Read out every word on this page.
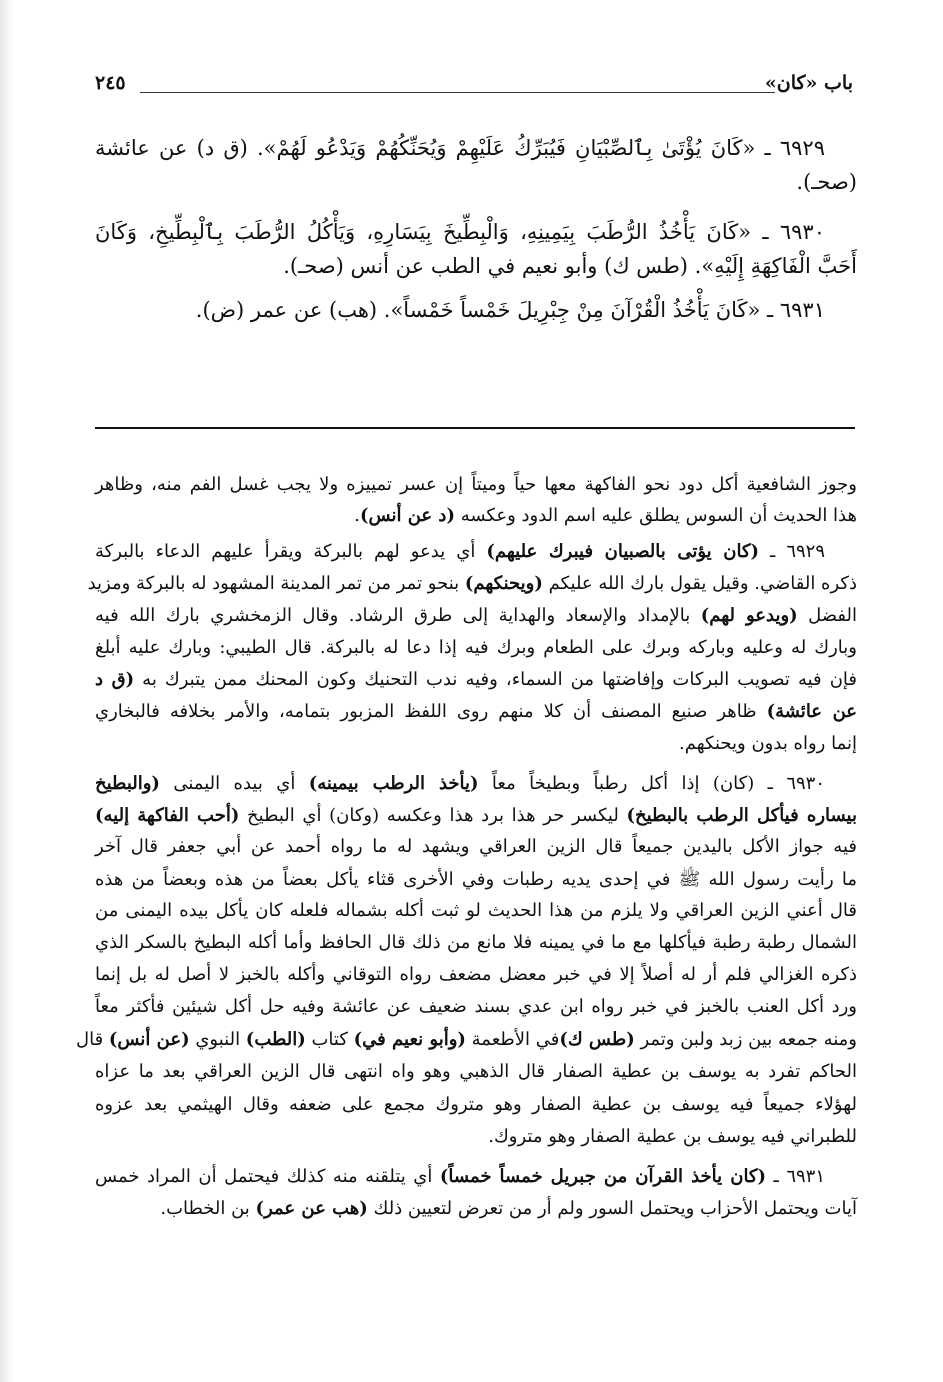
باب «كان»
٢٤٥
٦٩٢٩ ـ «كَانَ يُؤْتَىٰ بِٱلصِّبْيَانِ فَيُبَرِّكُ عَلَيْهِمْ وَيُحَنِّكُهُمْ وَيَدْعُو لَهُمْ». (ق د) عن عائشة
(صحـ).
٦٩٣٠ ـ «كَانَ يَأْخُذُ الرُّطَبَ بِيَمِينِهِ، وَالْبِطِّيخَ بِيَسَارِهِ، وَيَأْكُلُ الرُّطَبَ بِٱلْبِطِّيخِ، وَكَانَ
أَحَبَّ الْفَاكِهَةِ إِلَيْهِ». (طس ك) وأبو نعيم في الطب عن أنس (صحـ).
٦٩٣١ ـ «كَانَ يَأْخُذُ الْقُرْآنَ مِنْ جِبْرِيلَ خَمْساً خَمْساً». (هب) عن عمر (ض).
وجوز الشافعية أكل دود نحو الفاكهة معها حياً وميتاً إن عسر تمييزه ولا يجب غسل الفم منه، وظاهر
هذا الحديث أن السوس يطلق عليه اسم الدود وعكسه (د عن أنس).
٦٩٢٩ ـ (كان يؤتى بالصبيان فيبرك عليهم) أي يدعو لهم بالبركة ويقرأ عليهم الدعاء بالبركة
ذكره القاضي. وقيل يقول بارك الله عليكم (ويحنكهم) بنحو تمر من تمر المدينة المشهود له بالبركة ومزيد
الفضل (ويدعو لهم) بالإمداد والإسعاد والهداية إلى طرق الرشاد. وقال الزمخشري بارك الله فيه
وبارك له وعليه وباركه وبرك على الطعام وبرك فيه إذا دعا له بالبركة. قال الطيبي: وبارك عليه أبلغ
فإن فيه تصويب البركات وإفاضتها من السماء، وفيه ندب التحنيك وكون المحنك ممن يتبرك به (ق د
عن عائشة) ظاهر صنيع المصنف أن كلا منهم روى اللفظ المزبور بتمامه، والأمر بخلافه فالبخاري
إنما رواه بدون ويحنكهم.
٦٩٣٠ ـ (كان) إذا أكل رطباً وبطيخاً معاً (يأخذ الرطب بيمينه) أي بيده اليمنى (والبطيخ
بيساره فيأكل الرطب بالبطيخ) ليكسر حر هذا برد هذا وعكسه (وكان) أي البطيخ (أحب الفاكهة إليه)
فيه جواز الأكل باليدين جميعاً قال الزين العراقي ويشهد له ما رواه أحمد عن أبي جعفر قال آخر
ما رأيت رسول الله ﷺ في إحدى يديه رطبات وفي الأخرى قثاء يأكل بعضاً من هذه وبعضاً من هذه
قال أعني الزين العراقي ولا يلزم من هذا الحديث لو ثبت أكله بشماله فلعله كان يأكل بيده اليمنى من
الشمال رطبة رطبة فيأكلها مع ما في يمينه فلا مانع من ذلك قال الحافظ وأما أكله البطيخ بالسكر الذي
ذكره الغزالي فلم أر له أصلاً إلا في خبر معضل مضعف رواه التوقاني وأكله بالخبز لا أصل له بل إنما
ورد أكل العنب بالخبز في خبر رواه ابن عدي بسند ضعيف عن عائشة وفيه حل أكل شيئين فأكثر معاً
ومنه جمعه بين زبد ولبن وتمر (طس ك)في الأطعمة (وأبو نعيم في) كتاب (الطب) النبوي (عن أنس) قال
الحاكم تفرد به يوسف بن عطية الصفار قال الذهبي وهو واه انتهى قال الزين العراقي بعد ما عزاه
لهؤلاء جميعاً فيه يوسف بن عطية الصفار وهو متروك مجمع على ضعفه وقال الهيثمي بعد عزوه
للطبراني فيه يوسف بن عطية الصفار وهو متروك.
٦٩٣١ ـ (كان يأخذ القرآن من جبريل خمساً خمساً) أي يتلقنه منه كذلك فيحتمل أن المراد خمس
آيات ويحتمل الأحزاب ويحتمل السور ولم أر من تعرض لتعيين ذلك (هب عن عمر) بن الخطاب.
